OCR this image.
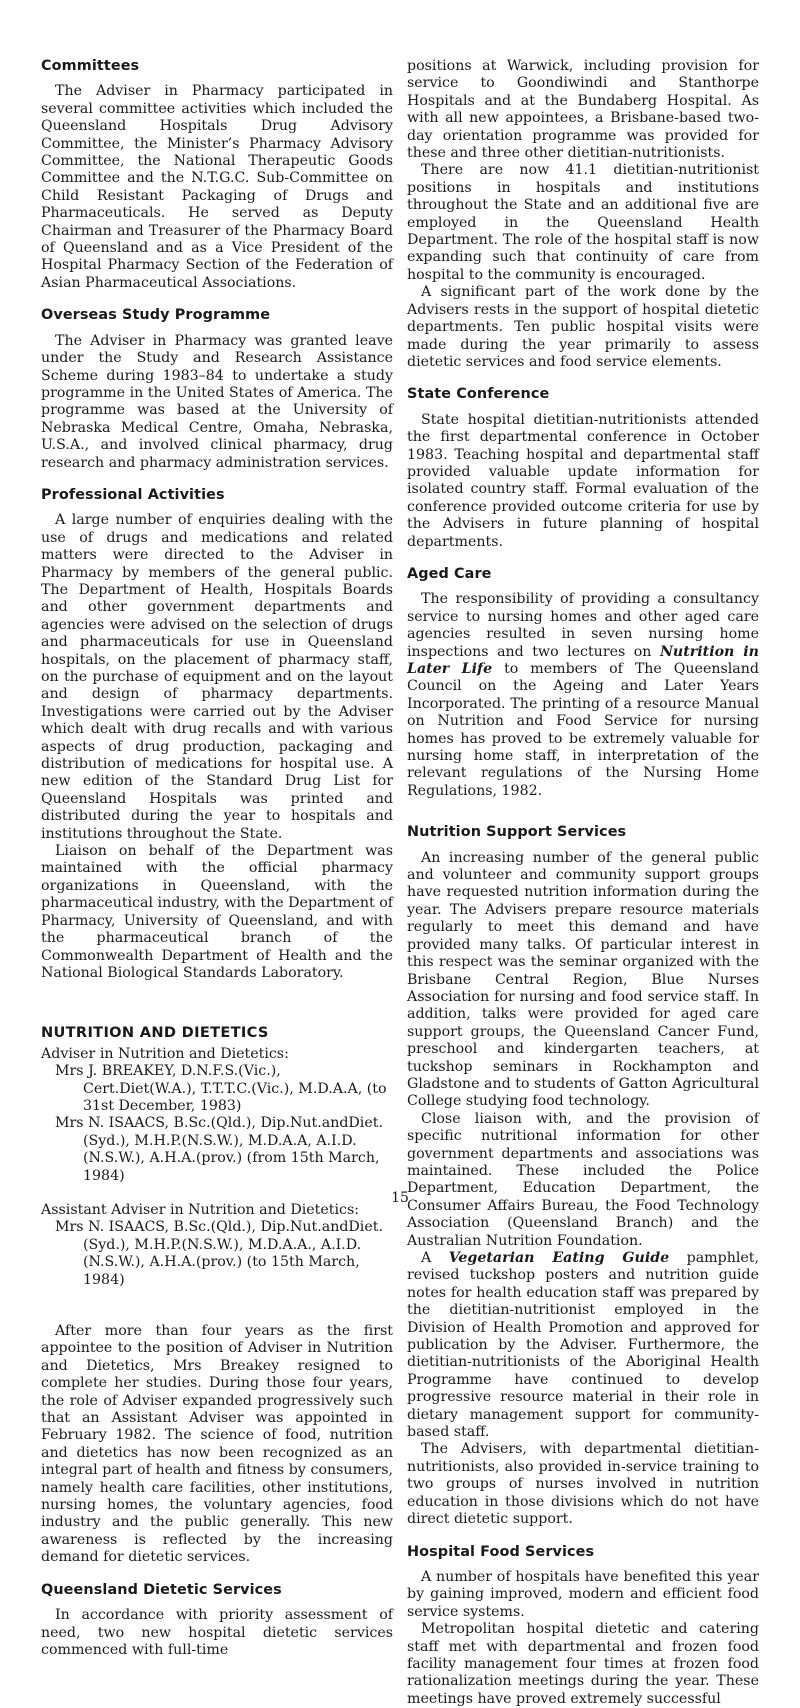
Committees

The Adviser in Pharmacy participated in several committee activities which included the Queensland Hospitals Drug Advisory Committee, the Minister’s Pharmacy Advisory Committee, the National Therapeutic Goods Committee and the N.T.G.C. Sub-Committee on Child Resistant Packaging of Drugs and Pharmaceuticals. He served as Deputy Chairman and Treasurer of the Pharmacy Board of Queensland and as a Vice President of the Hospital Pharmacy Section of the Federation of Asian Pharmaceutical Associations.

Overseas Study Programme

The Adviser in Pharmacy was granted leave under the Study and Research Assistance Scheme during 1983–84 to undertake a study programme in the United States of America. The programme was based at the University of Nebraska Medical Centre, Omaha, Nebraska, U.S.A., and involved clinical pharmacy, drug research and pharmacy administration services.

Professional Activities

A large number of enquiries dealing with the use of drugs and medications and related matters were directed to the Adviser in Pharmacy by members of the general public. The Department of Health, Hospitals Boards and other government departments and agencies were advised on the selection of drugs and pharmaceuticals for use in Queensland hospitals, on the placement of pharmacy staff, on the purchase of equipment and on the layout and design of pharmacy departments. Investigations were carried out by the Adviser which dealt with drug recalls and with various aspects of drug production, packaging and distribution of medications for hospital use. A new edition of the Standard Drug List for Queensland Hospitals was printed and distributed during the year to hospitals and institutions throughout the State.

Liaison on behalf of the Department was maintained with the official pharmacy organizations in Queensland, with the pharmaceutical industry, with the Department of Pharmacy, University of Queensland, and with the pharmaceutical branch of the Commonwealth Department of Health and the National Biological Standards Laboratory.

NUTRITION AND DIETETICS

Adviser in Nutrition and Dietetics:

Mrs J. BREAKEY, D.N.F.S.(Vic.), Cert.Diet(W.A.), T.T.T.C.(Vic.), M.D.A.A, (to 31st December, 1983)

Mrs N. ISAACS, B.Sc.(Qld.), Dip.Nut.andDiet.(Syd.), M.H.P.(N.S.W.), M.D.A.A, A.I.D.(N.S.W.), A.H.A.(prov.) (from 15th March, 1984)

Assistant Adviser in Nutrition and Dietetics:

Mrs N. ISAACS, B.Sc.(Qld.), Dip.Nut.andDiet.(Syd.), M.H.P.(N.S.W.), M.D.A.A., A.I.D.(N.S.W.), A.H.A.(prov.) (to 15th March, 1984)

After more than four years as the first appointee to the position of Adviser in Nutrition and Dietetics, Mrs Breakey resigned to complete her studies. During those four years, the role of Adviser expanded progressively such that an Assistant Adviser was appointed in February 1982. The science of food, nutrition and dietetics has now been recognized as an integral part of health and fitness by consumers, namely health care facilities, other institutions, nursing homes, the voluntary agencies, food industry and the public generally. This new awareness is reflected by the increasing demand for dietetic services.

Queensland Dietetic Services

In accordance with priority assessment of need, two new hospital dietetic services commenced with full-time

positions at Warwick, including provision for service to Goondiwindi and Stanthorpe Hospitals and at the Bundaberg Hospital. As with all new appointees, a Brisbane-based two-day orientation programme was provided for these and three other dietitian-nutritionists.

There are now 41.1 dietitian-nutritionist positions in hospitals and institutions throughout the State and an additional five are employed in the Queensland Health Department. The role of the hospital staff is now expanding such that continuity of care from hospital to the community is encouraged.

A significant part of the work done by the Advisers rests in the support of hospital dietetic departments. Ten public hospital visits were made during the year primarily to assess dietetic services and food service elements.

State Conference

State hospital dietitian-nutritionists attended the first departmental conference in October 1983. Teaching hospital and departmental staff provided valuable update information for isolated country staff. Formal evaluation of the conference provided outcome criteria for use by the Advisers in future planning of hospital departments.

Aged Care

The responsibility of providing a consultancy service to nursing homes and other aged care agencies resulted in seven nursing home inspections and two lectures on Nutrition in Later Life to members of The Queensland Council on the Ageing and Later Years Incorporated. The printing of a resource Manual on Nutrition and Food Service for nursing homes has proved to be extremely valuable for nursing home staff, in interpretation of the relevant regulations of the Nursing Home Regulations, 1982.

Nutrition Support Services

An increasing number of the general public and volunteer and community support groups have requested nutrition information during the year. The Advisers prepare resource materials regularly to meet this demand and have provided many talks. Of particular interest in this respect was the seminar organized with the Brisbane Central Region, Blue Nurses Association for nursing and food service staff. In addition, talks were provided for aged care support groups, the Queensland Cancer Fund, preschool and kindergarten teachers, at tuckshop seminars in Rockhampton and Gladstone and to students of Gatton Agricultural College studying food technology.

Close liaison with, and the provision of specific nutritional information for other government departments and associations was maintained. These included the Police Department, Education Department, the Consumer Affairs Bureau, the Food Technology Association (Queensland Branch) and the Australian Nutrition Foundation.

A Vegetarian Eating Guide pamphlet, revised tuckshop posters and nutrition guide notes for health education staff was prepared by the dietitian-nutritionist employed in the Division of Health Promotion and approved for publication by the Adviser. Furthermore, the dietitian-nutritionists of the Aboriginal Health Programme have continued to develop progressive resource material in their role in dietary management support for community-based staff.

The Advisers, with departmental dietitian-nutritionists, also provided in-service training to two groups of nurses involved in nutrition education in those divisions which do not have direct dietetic support.

Hospital Food Services

A number of hospitals have benefited this year by gaining improved, modern and efficient food service systems.

Metropolitan hospital dietetic and catering staff met with departmental and frozen food facility management four times at frozen food rationalization meetings during the year. These meetings have proved extremely successful

15
